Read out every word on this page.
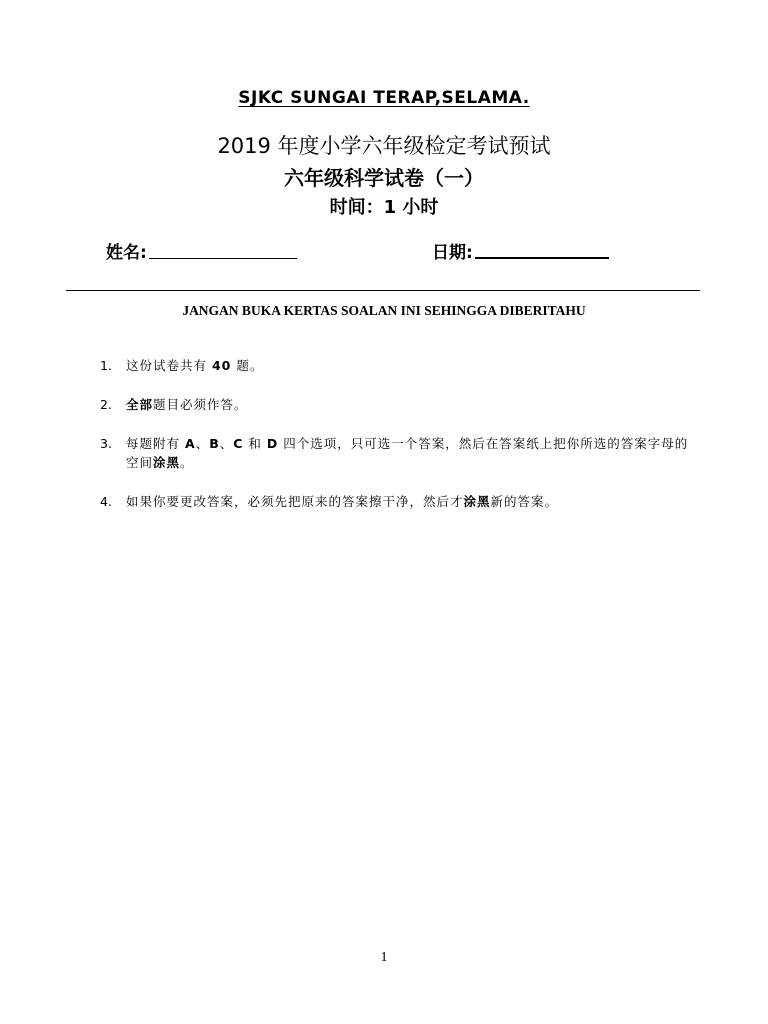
SJKC SUNGAI TERAP,SELAMA.
2019 年度小学六年级检定考试预试
六年级科学试卷（一）
时间：1 小时
姓名:	日期:
JANGAN BUKA KERTAS SOALAN INI SEHINGGA DIBERITAHU
1.	这份试卷共有 40 题。
2.	全部题目必须作答。
3.	每题附有 A、B、C 和 D 四个选项，只可选一个答案，然后在答案纸上把你所选的答案字母的空间涂黑。
4.	如果你要更改答案，必须先把原来的答案擦干净，然后才涂黑新的答案。
1
